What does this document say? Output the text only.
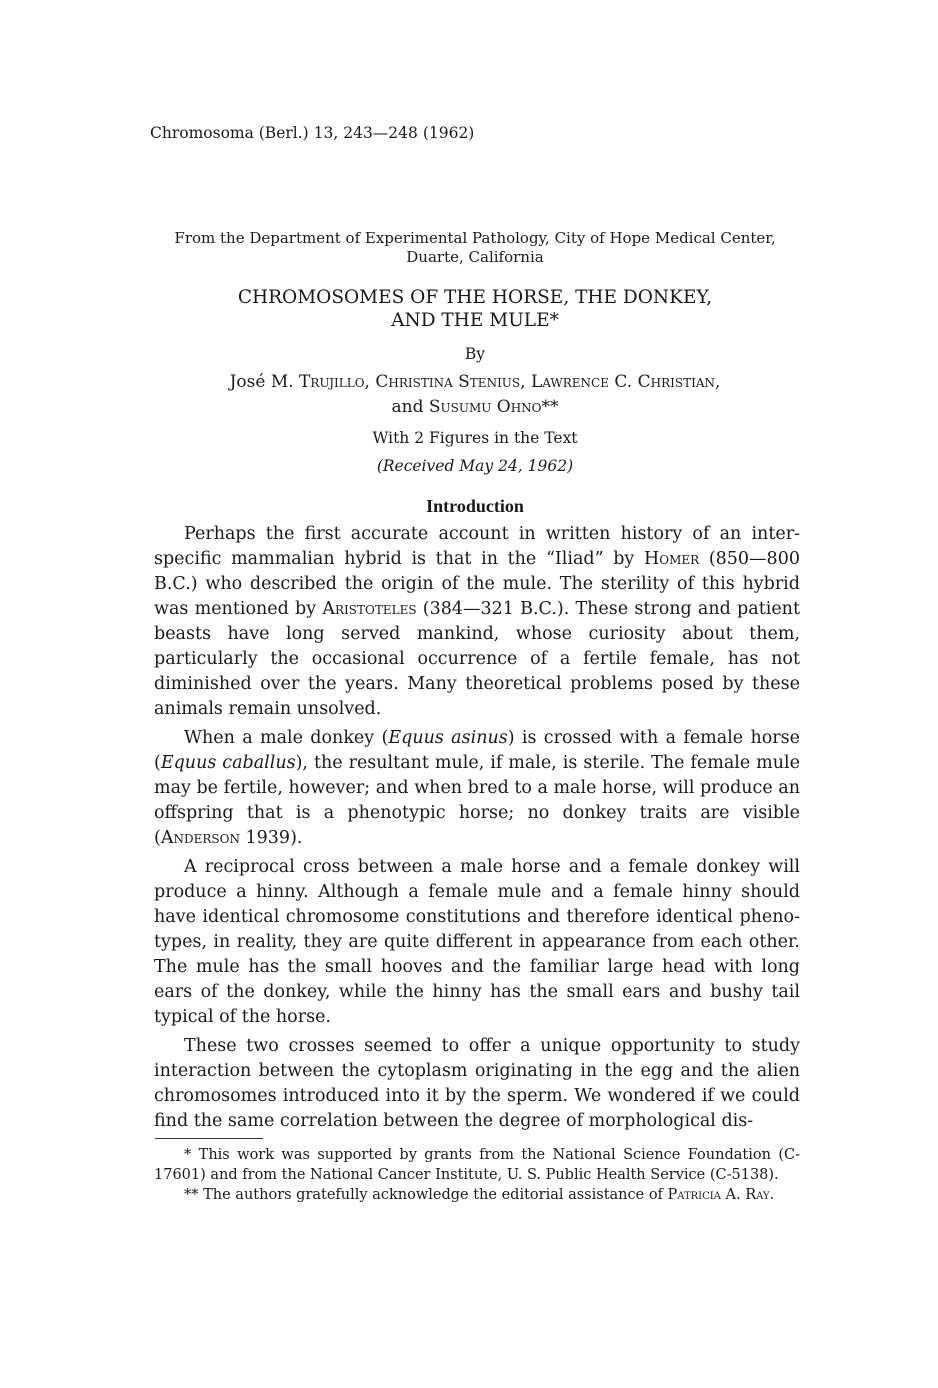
Chromosoma (Berl.) 13, 243—248 (1962)
From the Department of Experimental Pathology, City of Hope Medical Center,
Duarte, California
CHROMOSOMES OF THE HORSE, THE DONKEY,
AND THE MULE*
By
José M. Trujillo, Christina Stenius, Lawrence C. Christian,
and Susumu Ohno**
With 2 Figures in the Text
(Received May 24, 1962)
Introduction

Perhaps the first accurate account in written history of an inter-specific mammalian hybrid is that in the “Iliad” by Homer (850—800 B.C.) who described the origin of the mule. The sterility of this hybrid was mentioned by Aristoteles (384—321 B.C.). These strong and patient beasts have long served mankind, whose curiosity about them, particularly the occasional occurrence of a fertile female, has not diminished over the years. Many theoretical problems posed by these animals remain unsolved.

When a male donkey (Equus asinus) is crossed with a female horse (Equus caballus), the resultant mule, if male, is sterile. The female mule may be fertile, however; and when bred to a male horse, will produce an offspring that is a phenotypic horse; no donkey traits are visible (Anderson 1939).

A reciprocal cross between a male horse and a female donkey will produce a hinny. Although a female mule and a female hinny should have identical chromosome constitutions and therefore identical pheno-types, in reality, they are quite different in appearance from each other. The mule has the small hooves and the familiar large head with long ears of the donkey, while the hinny has the small ears and bushy tail typical of the horse.

These two crosses seemed to offer a unique opportunity to study interaction between the cytoplasm originating in the egg and the alien chromosomes introduced into it by the sperm. We wondered if we could find the same correlation between the degree of morphological dis-

* This work was supported by grants from the National Science Foundation (C-17601) and from the National Cancer Institute, U. S. Public Health Service (C-5138).

** The authors gratefully acknowledge the editorial assistance of Patricia A. Ray.
